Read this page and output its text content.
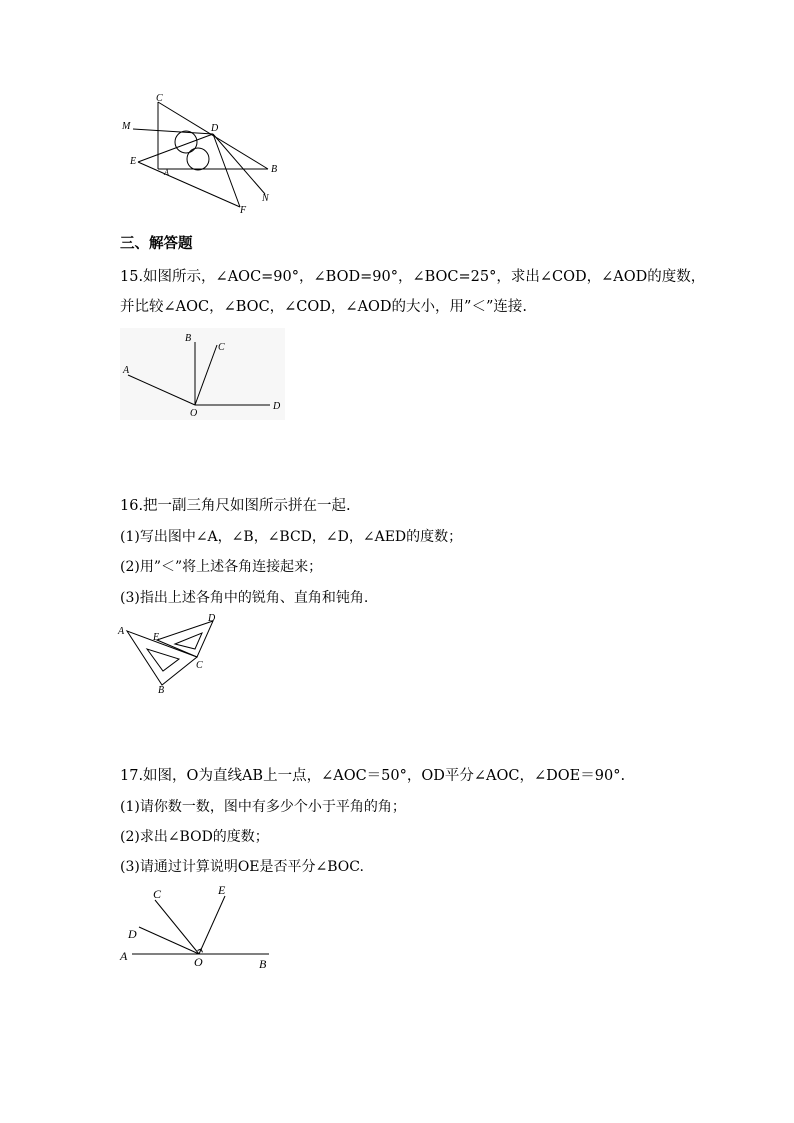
C
M	D
E
A	B
N
F
三、解答题
15.如图所示，∠AOC=90°，∠BOD=90°，∠BOC=25°，求出∠COD，∠AOD的度数，
并比较∠AOC，∠BOC，∠COD，∠AOD的大小，用”＜”连接.
B
C
A
O
D
16.把一副三角尺如图所示拼在一起.
(1)写出图中∠A，∠B，∠BCD，∠D，∠AED的度数；
(2)用”＜”将上述各角连接起来；
(3)指出上述各角中的锐角、直角和钝角.
A
E
D
C
B
17.如图，O为直线AB上一点，∠AOC＝50°，OD平分∠AOC，∠DOE＝90°.
(1)请你数一数，图中有多少个小于平角的角；
(2)求出∠BOD的度数；
(3)请通过计算说明OE是否平分∠BOC.
C	E
D
A	O	B
